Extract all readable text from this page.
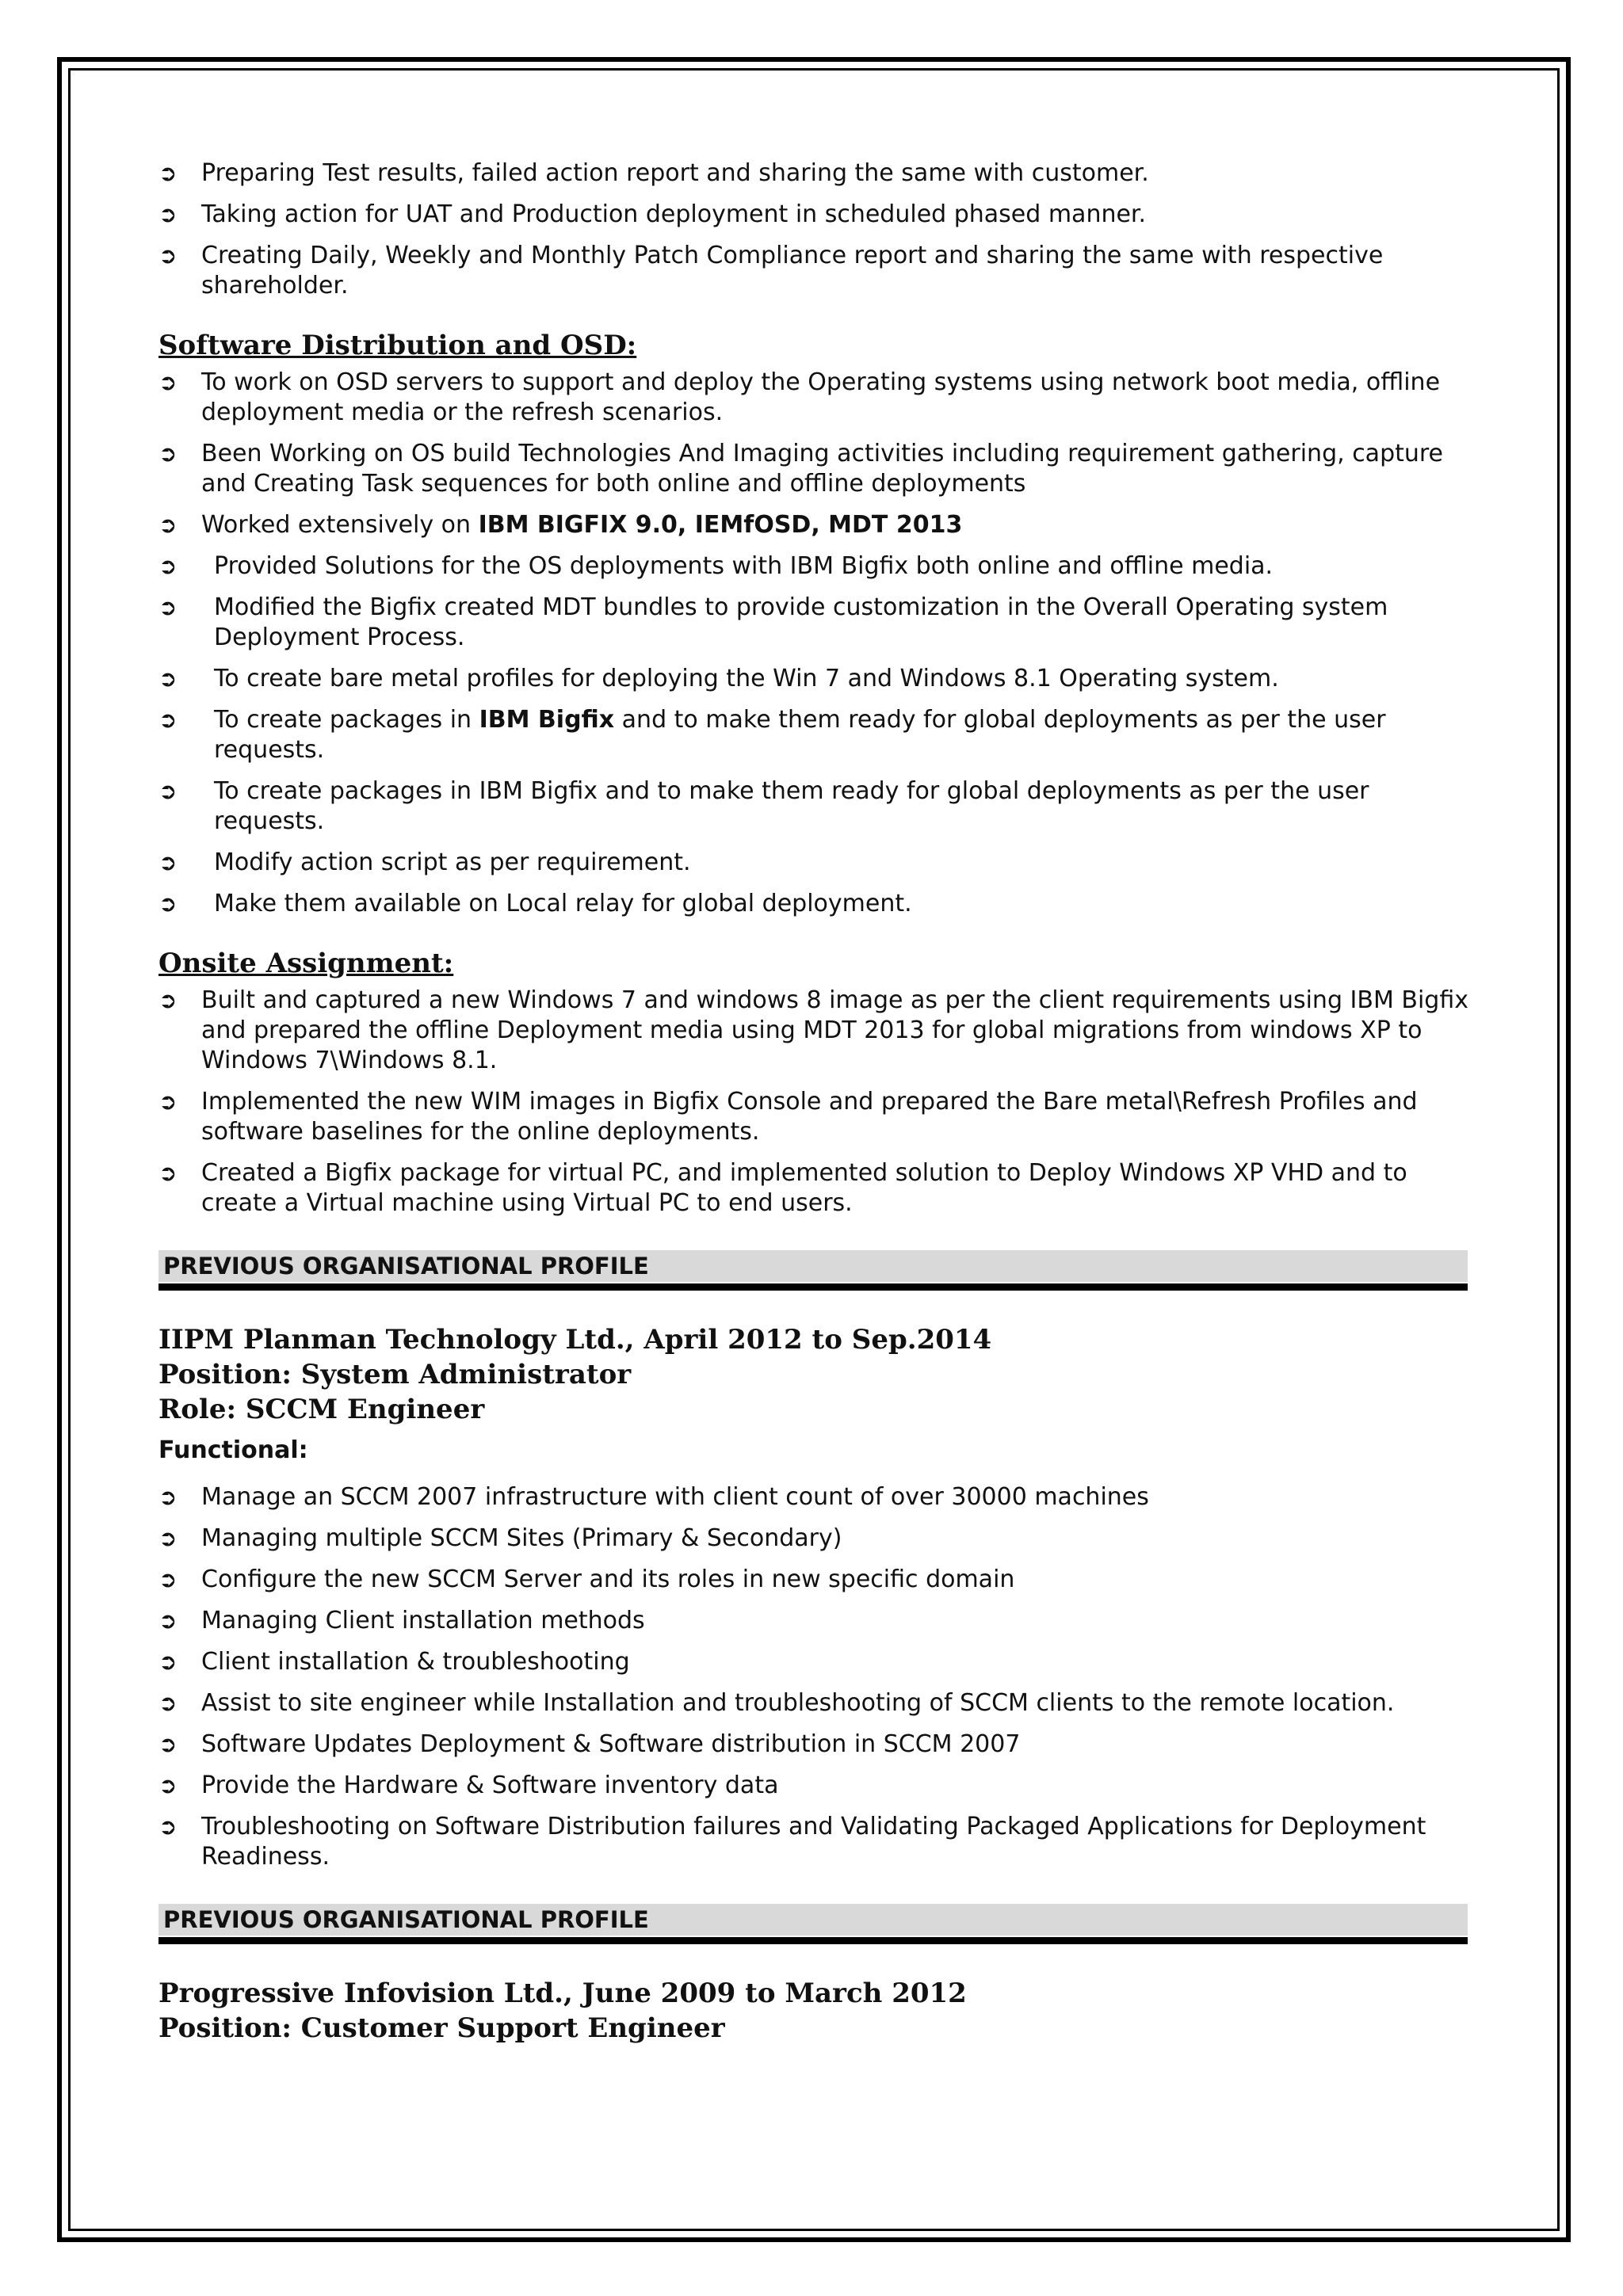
➲ Preparing Test results, failed action report and sharing the same with customer.
➲ Taking action for UAT and Production deployment in scheduled phased manner.
➲ Creating Daily, Weekly and Monthly Patch Compliance report and sharing the same with respective shareholder.
Software Distribution and OSD:
➲ To work on OSD servers to support and deploy the Operating systems using network boot media, offline deployment media or the refresh scenarios.
➲ Been Working on OS build Technologies And Imaging activities including requirement gathering, capture and Creating Task sequences for both online and offline deployments
➲ Worked extensively on IBM BIGFIX 9.0, IEMfOSD, MDT 2013
➲ Provided Solutions for the OS deployments with IBM Bigfix both online and offline media.
➲ Modified the Bigfix created MDT bundles to provide customization in the Overall Operating system Deployment Process.
➲ To create bare metal profiles for deploying the Win 7 and Windows 8.1 Operating system.
➲ To create packages in IBM Bigfix and to make them ready for global deployments as per the user requests.
➲ To create packages in IBM Bigfix and to make them ready for global deployments as per the user requests.
➲ Modify action script as per requirement.
➲ Make them available on Local relay for global deployment.
Onsite Assignment:
➲ Built and captured a new Windows 7 and windows 8 image as per the client requirements using IBM Bigfix and prepared the offline Deployment media using MDT 2013 for global migrations from windows XP to Windows 7\Windows 8.1.
➲ Implemented the new WIM images in Bigfix Console and prepared the Bare metal\Refresh Profiles and software baselines for the online deployments.
➲ Created a Bigfix package for virtual PC, and implemented solution to Deploy Windows XP VHD and to create a Virtual machine using Virtual PC to end users.
PREVIOUS ORGANISATIONAL PROFILE
IIPM Planman Technology Ltd., April 2012 to Sep.2014
Position: System Administrator
Role: SCCM Engineer
Functional:
➲ Manage an SCCM 2007 infrastructure with client count of over 30000 machines
➲ Managing multiple SCCM Sites (Primary & Secondary)
➲ Configure the new SCCM Server and its roles in new specific domain
➲ Managing Client installation methods
➲ Client installation & troubleshooting
➲ Assist to site engineer while Installation and troubleshooting of SCCM clients to the remote location.
➲ Software Updates Deployment & Software distribution in SCCM 2007
➲ Provide the Hardware & Software inventory data
➲ Troubleshooting on Software Distribution failures and Validating Packaged Applications for Deployment Readiness.
PREVIOUS ORGANISATIONAL PROFILE
Progressive Infovision Ltd., June 2009 to March 2012
Position: Customer Support Engineer
